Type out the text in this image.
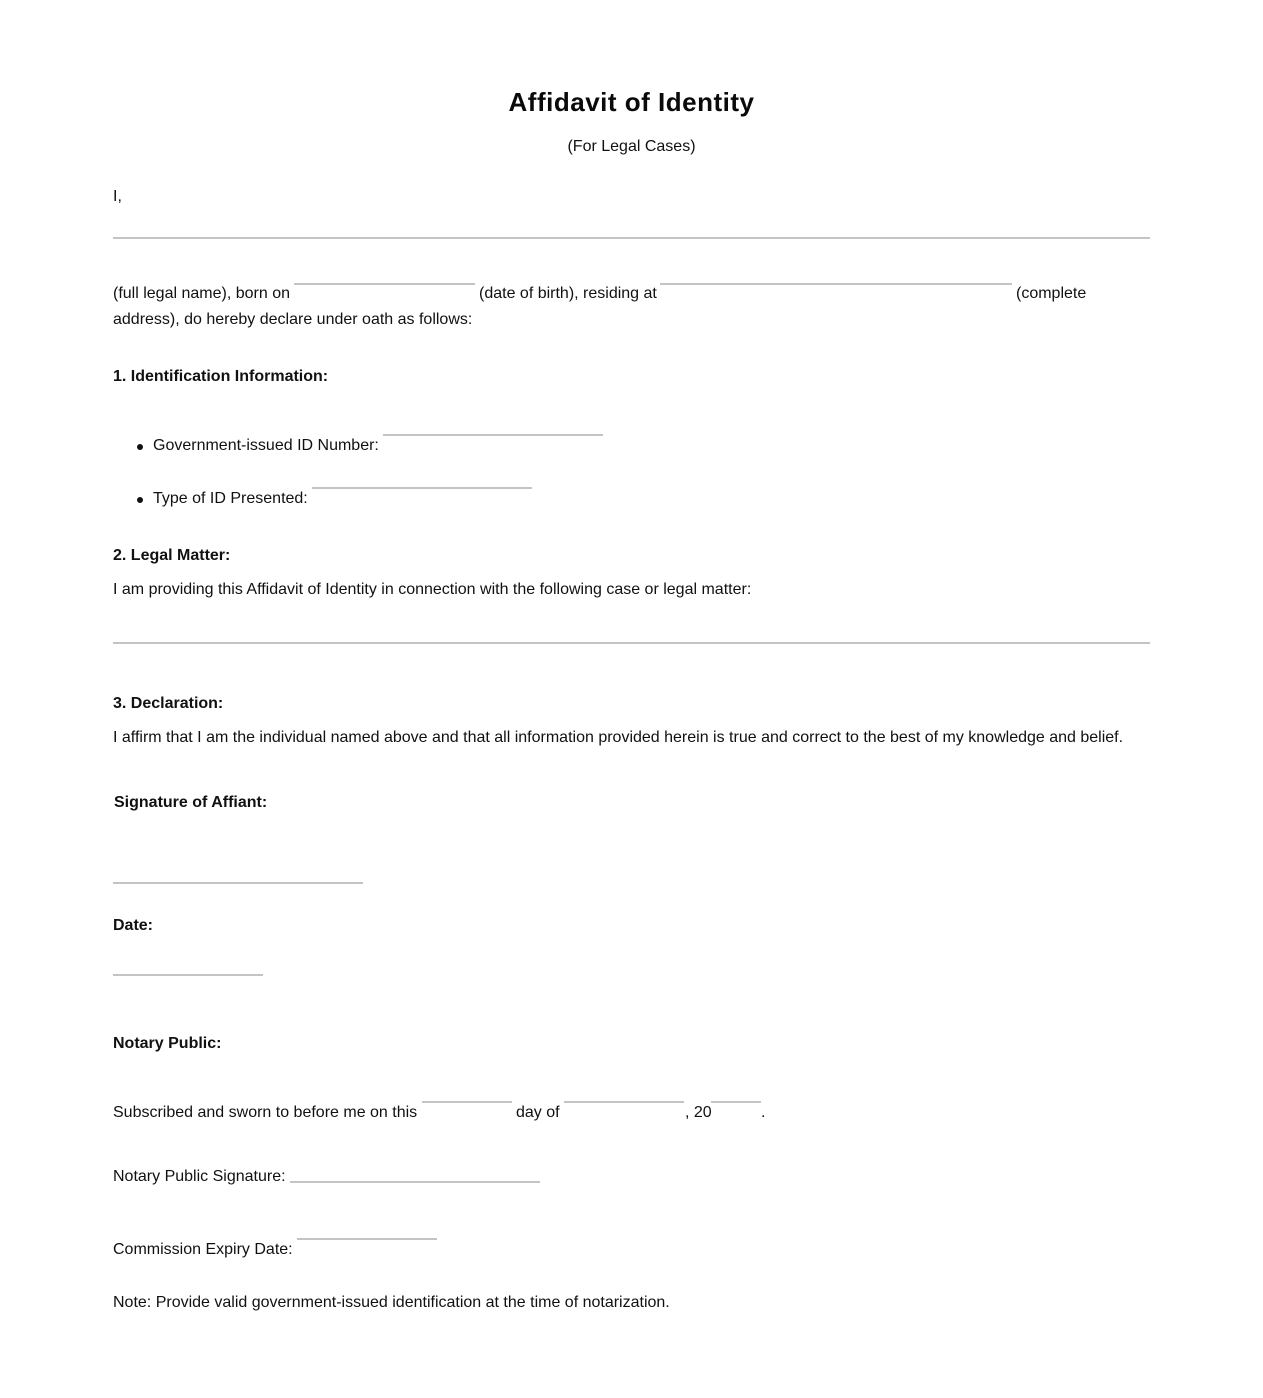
Affidavit of Identity
(For Legal Cases)
I,
(full legal name), born on	(date of birth), residing at	(complete
address), do hereby declare under oath as follows:
1. Identification Information:
Government-issued ID Number:
Type of ID Presented:
2. Legal Matter:
I am providing this Affidavit of Identity in connection with the following case or legal matter:
3. Declaration:
I affirm that I am the individual named above and that all information provided herein is true and correct to the best of my knowledge and belief.
Signature of Affiant:
Date:
Notary Public:
Subscribed and sworn to before me on this	day of	, 20	.
Notary Public Signature:
Commission Expiry Date:
Note: Provide valid government-issued identification at the time of notarization.
